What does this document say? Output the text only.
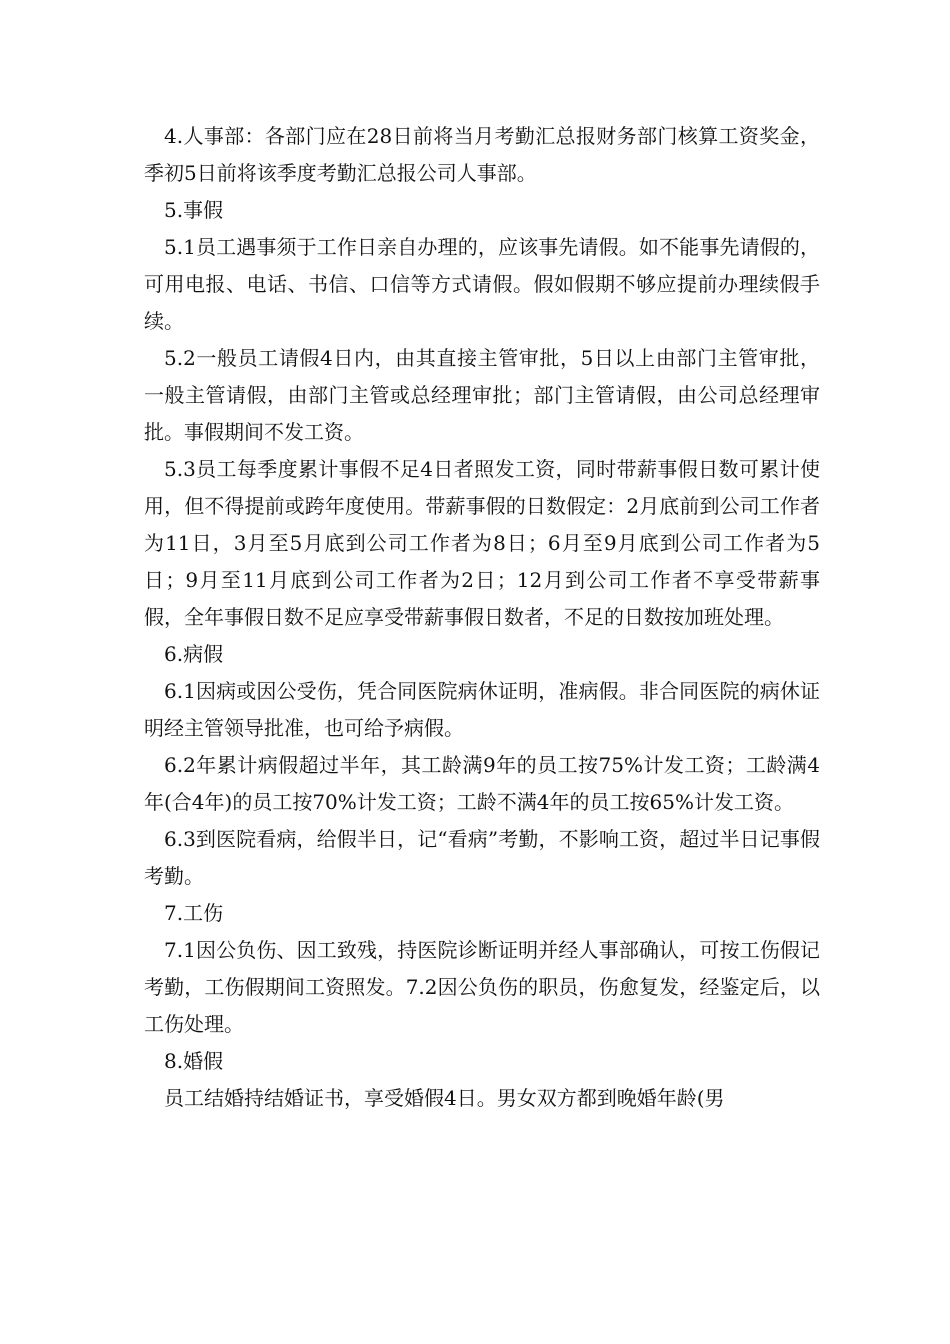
4.人事部：各部门应在28日前将当月考勤汇总报财务部门核算工资奖金，季初5日前将该季度考勤汇总报公司人事部。

5.事假

5.1员工遇事须于工作日亲自办理的，应该事先请假。如不能事先请假的，可用电报、电话、书信、口信等方式请假。假如假期不够应提前办理续假手续。

5.2一般员工请假4日内，由其直接主管审批，5日以上由部门主管审批，一般主管请假，由部门主管或总经理审批；部门主管请假，由公司总经理审批。事假期间不发工资。

5.3员工每季度累计事假不足4日者照发工资，同时带薪事假日数可累计使用，但不得提前或跨年度使用。带薪事假的日数假定：2月底前到公司工作者为11日，3月至5月底到公司工作者为8日；6月至9月底到公司工作者为5日；9月至11月底到公司工作者为2日；12月到公司工作者不享受带薪事假，全年事假日数不足应享受带薪事假日数者，不足的日数按加班处理。

6.病假

6.1因病或因公受伤，凭合同医院病休证明，准病假。非合同医院的病休证明经主管领导批准，也可给予病假。

6.2年累计病假超过半年，其工龄满9年的员工按75%计发工资；工龄满4年(合4年)的员工按70%计发工资；工龄不满4年的员工按65%计发工资。

6.3到医院看病，给假半日，记“看病”考勤，不影响工资，超过半日记事假考勤。

7.工伤

7.1因公负伤、因工致残，持医院诊断证明并经人事部确认，可按工伤假记考勤，工伤假期间工资照发。7.2因公负伤的职员，伤愈复发，经鉴定后，以工伤处理。

8.婚假

员工结婚持结婚证书，享受婚假4日。男女双方都到晚婚年龄(男
